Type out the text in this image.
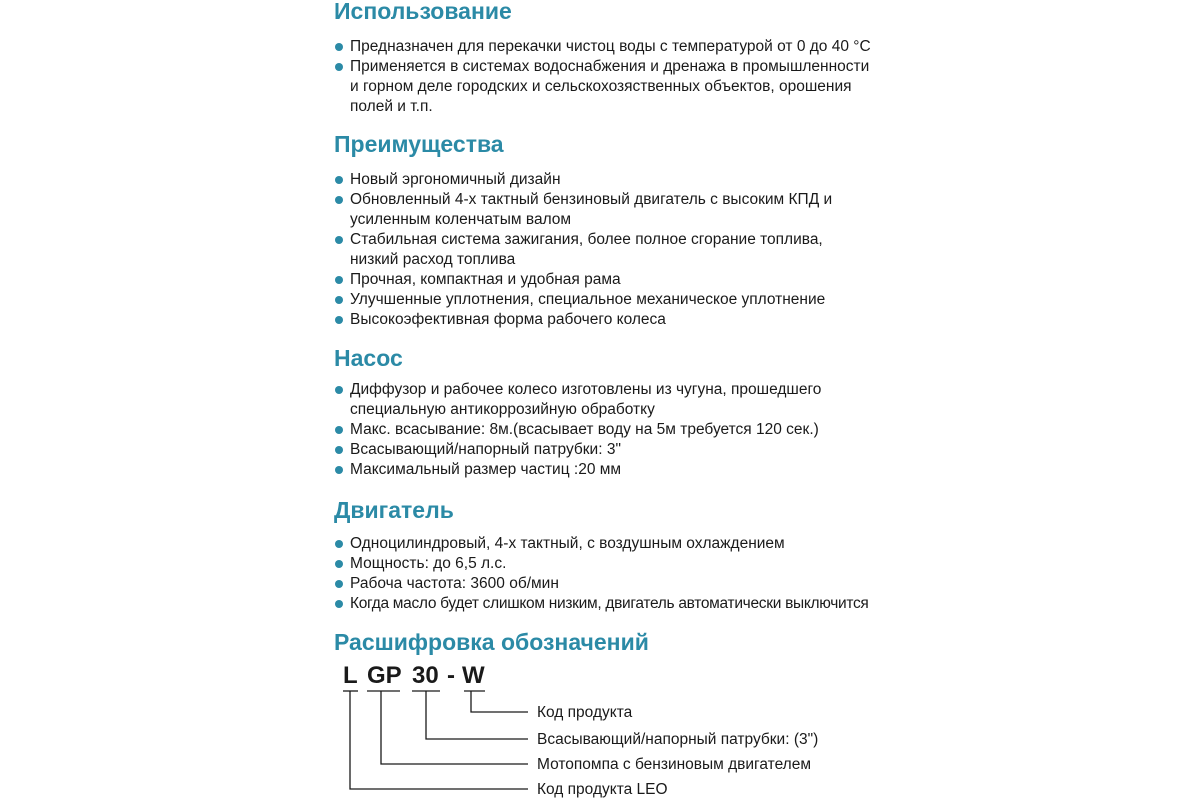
Использование
Предназначен для перекачки чистоц воды с температурой от 0 до 40 °C
Применяется в системах водоснабжения и дренажа в промышленности и горном деле городских и сельскохозяственных объектов, орошения полей и т.п.
Преимущества
Новый эргономичный дизайн
Обновленный 4-х тактный бензиновый двигатель с высоким КПД и усиленным коленчатым валом
Стабильная система зажигания, более полное сгорание топлива, низкий расход топлива
Прочная, компактная и удобная рама
Улучшенные уплотнения, специальное механическое уплотнение
Высокоэфективная форма рабочего колеса
Насос
Диффузор и рабочее колесо изготовлены из чугуна, прошедшего специальную антикоррозийную обработку
Макс. всасывание: 8м.(всасывает воду на 5м требуется 120 сек.)
Всасывающий/напорный патрубки: 3"
Максимальный размер частиц :20 мм
Двигатель
Одноцилиндровый, 4-х тактный, с воздушным охлаждением
Мощность: до 6,5 л.с.
Рабоча частота: 3600 об/мин
Когда масло будет слишком низким, двигатель автоматически выключится
Расшифровка обозначений
L GP 30 - W
Код продукта
Всасывающий/напорный патрубки: (3")
Мотопомпа с бензиновым двигателем
Код продукта LEO
